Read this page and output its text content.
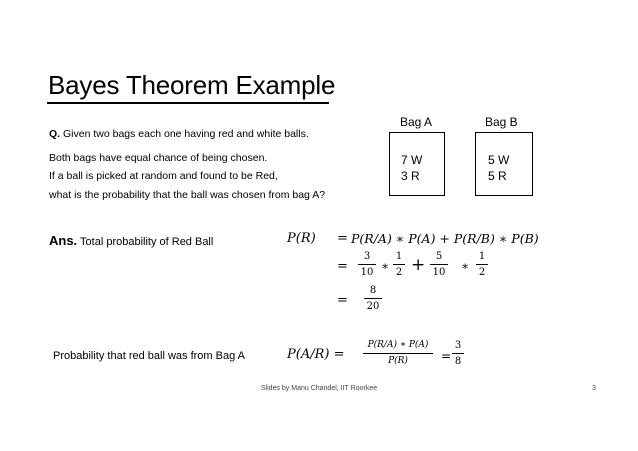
Bayes Theorem Example
Q. Given two bags each one having red and white balls.
Both bags have equal chance of being chosen.
If a ball is picked at random and found to be Red,
what is the probability that the ball was chosen from bag A?
Bag A
7 W
3 R
Bag B
5 W
5 R
Ans. Total probability of Red Ball	P(R) = P(R/A) ∗ P(A) + P(R/B) ∗ P(B)
=
3
10 ∗
1
2 +	5
10 ∗
1
2
=
8
20
Probability that red ball was from Bag A	P(A/R) =
P(R/A) ∗ P(A)
P(R)	=
3
8
Slides by Manu Chandel, IIT Roorkee	3
